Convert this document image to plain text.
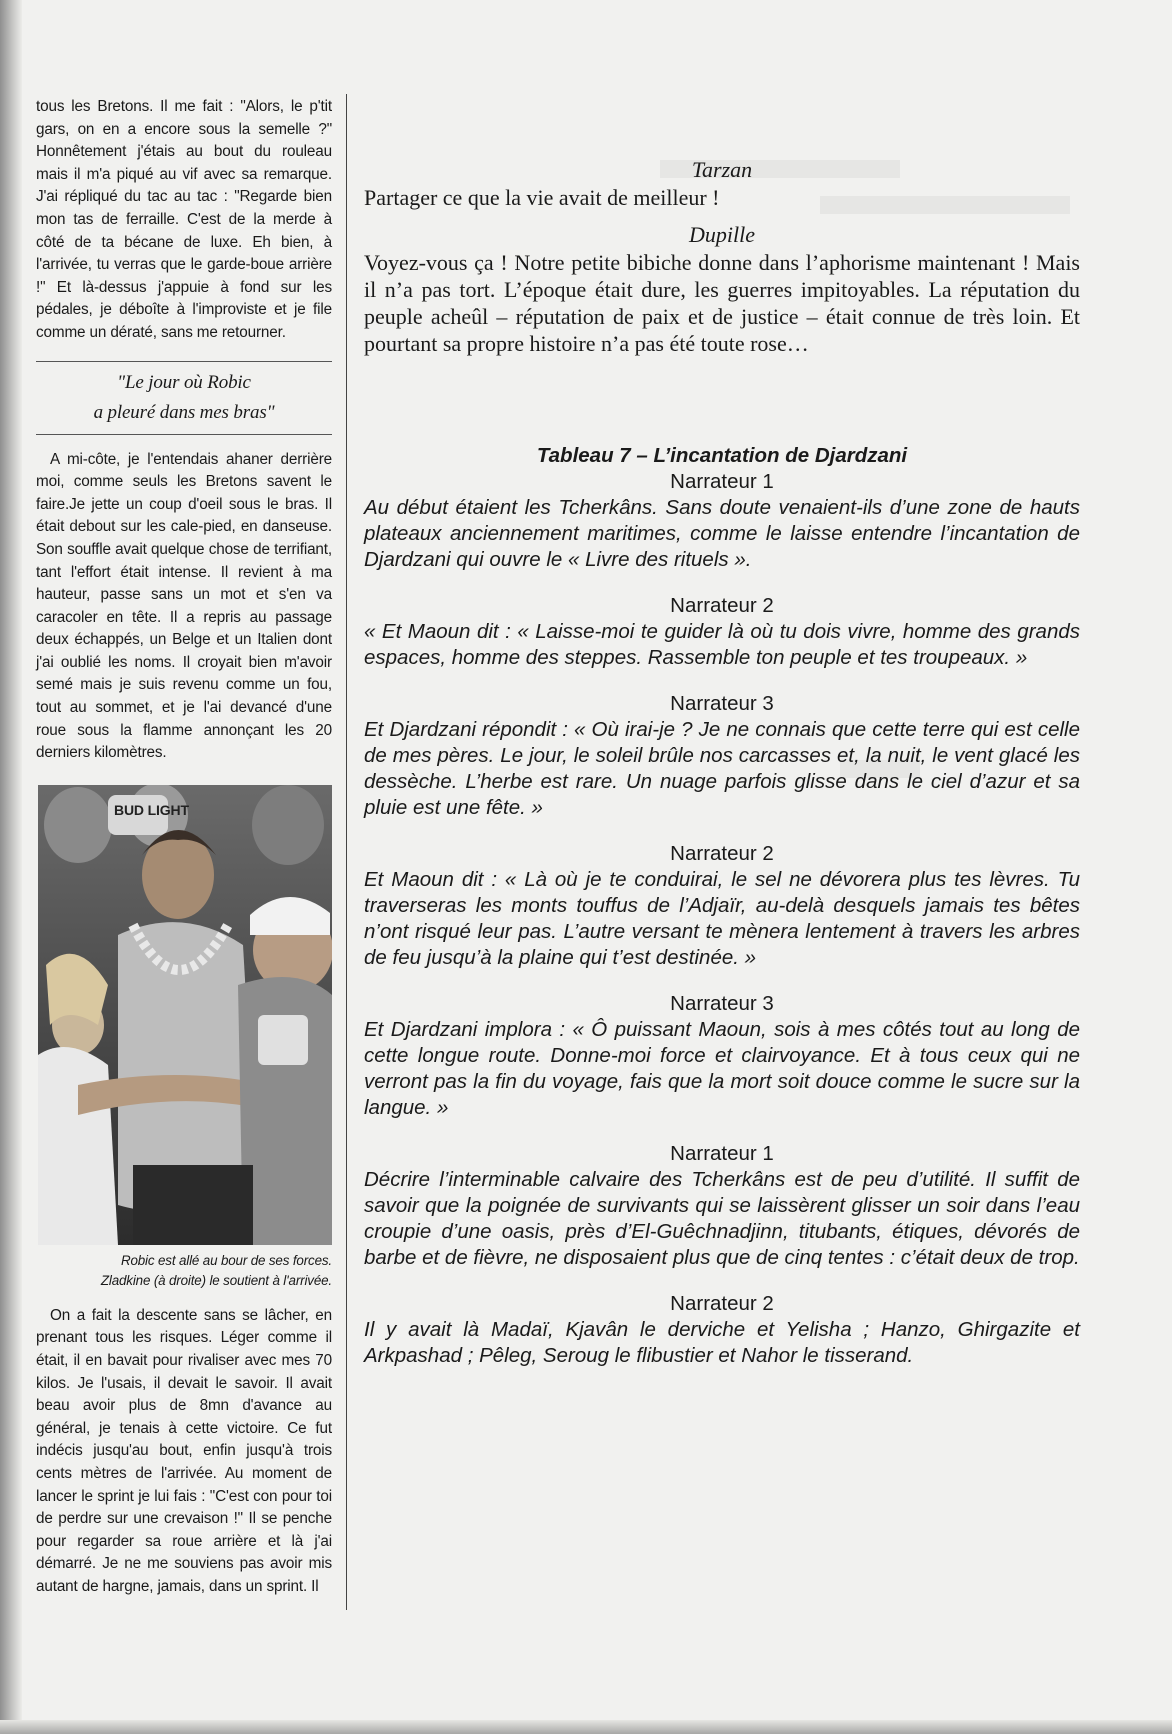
tous les Bretons. Il me fait : "Alors, le p'tit gars, on en a encore sous la semelle ?" Honnêtement j'étais au bout du rouleau mais il m'a piqué au vif avec sa remarque. J'ai répliqué du tac au tac : "Regarde bien mon tas de ferraille. C'est de la merde à côté de ta bécane de luxe. Eh bien, à l'arrivée, tu verras que le garde-boue arrière !" Et là-dessus j'appuie à fond sur les pédales, je déboîte à l'improviste et je file comme un dératé, sans me retourner.

"Le jour où Robic
a pleuré dans mes bras"

A mi-côte, je l'entendais ahaner derrière moi, comme seuls les Bretons savent le faire.Je jette un coup d'oeil sous le bras. Il était debout sur les cale-pied, en danseuse. Son souffle avait quelque chose de terrifiant, tant l'effort était intense. Il revient à ma hauteur, passe sans un mot et s'en va caracoler en tête. Il a repris au passage deux échappés, un Belge et un Italien dont j'ai oublié les noms. Il croyait bien m'avoir semé mais je suis revenu comme un fou, tout au sommet, et je l'ai devancé d'une roue sous la flamme annonçant les 20 derniers kilomètres.

BUD LIGHT
Robic est allé au bour de ses forces.
Zladkine (à droite) le soutient à l'arrivée.

On a fait la descente sans se lâcher, en prenant tous les risques. Léger comme il était, il en bavait pour rivaliser avec mes 70 kilos. Je l'usais, il devait le savoir. Il avait beau avoir plus de 8mn d'avance au général, je tenais à cette victoire. Ce fut indécis jusqu'au bout, enfin jusqu'à trois cents mètres de l'arrivée. Au moment de lancer le sprint je lui fais : "C'est con pour toi de perdre sur une crevaison !" Il se penche pour regarder sa roue arrière et là j'ai démarré. Je ne me souviens pas avoir mis autant de hargne, jamais, dans un sprint. Il

Tarzan

Partager ce que la vie avait de meilleur !

Dupille

Voyez-vous ça ! Notre petite bibiche donne dans l’aphorisme maintenant ! Mais il n’a pas tort. L’époque était dure, les guerres impitoyables. La réputation du peuple acheûl – réputation de paix et de justice – était connue de très loin. Et pourtant sa propre histoire n’a pas été toute rose…

Tableau 7 – L’incantation de Djardzani
Narrateur 1

Au début étaient les Tcherkâns. Sans doute venaient-ils d’une zone de hauts plateaux anciennement maritimes, comme le laisse entendre l’incantation de Djardzani qui ouvre le « Livre des rituels ».

Narrateur 2

« Et Maoun dit : « Laisse-moi te guider là où tu dois vivre, homme des grands espaces, homme des steppes. Rassemble ton peuple et tes troupeaux. »

Narrateur 3

Et Djardzani répondit : « Où irai-je ? Je ne connais que cette terre qui est celle de mes pères. Le jour, le soleil brûle nos carcasses et, la nuit, le vent glacé les dessèche. L’herbe est rare. Un nuage parfois glisse dans le ciel d’azur et sa pluie est une fête. »

Narrateur 2

Et Maoun dit : « Là où je te conduirai, le sel ne dévorera plus tes lèvres. Tu traverseras les monts touffus de l’Adjaïr, au-delà desquels jamais tes bêtes n’ont risqué leur pas. L’autre versant te mènera lentement à travers les arbres de feu jusqu’à la plaine qui t’est destinée. »

Narrateur 3

Et Djardzani implora : « Ô puissant Maoun, sois à mes côtés tout au long de cette longue route. Donne-moi force et clairvoyance. Et à tous ceux qui ne verront pas la fin du voyage, fais que la mort soit douce comme le sucre sur la langue. »

Narrateur 1

Décrire l’interminable calvaire des Tcherkâns est de peu d’utilité. Il suffit de savoir que la poignée de survivants qui se laissèrent glisser un soir dans l’eau croupie d’une oasis, près d’El-Guêchnadjinn, titubants, étiques, dévorés de barbe et de fièvre, ne disposaient plus que de cinq tentes : c’était deux de trop.

Narrateur 2

Il y avait là Madaï, Kjavân le derviche et Yelisha ; Hanzo, Ghirgazite et Arkpashad ; Pêleg, Seroug le flibustier et Nahor le tisserand.
